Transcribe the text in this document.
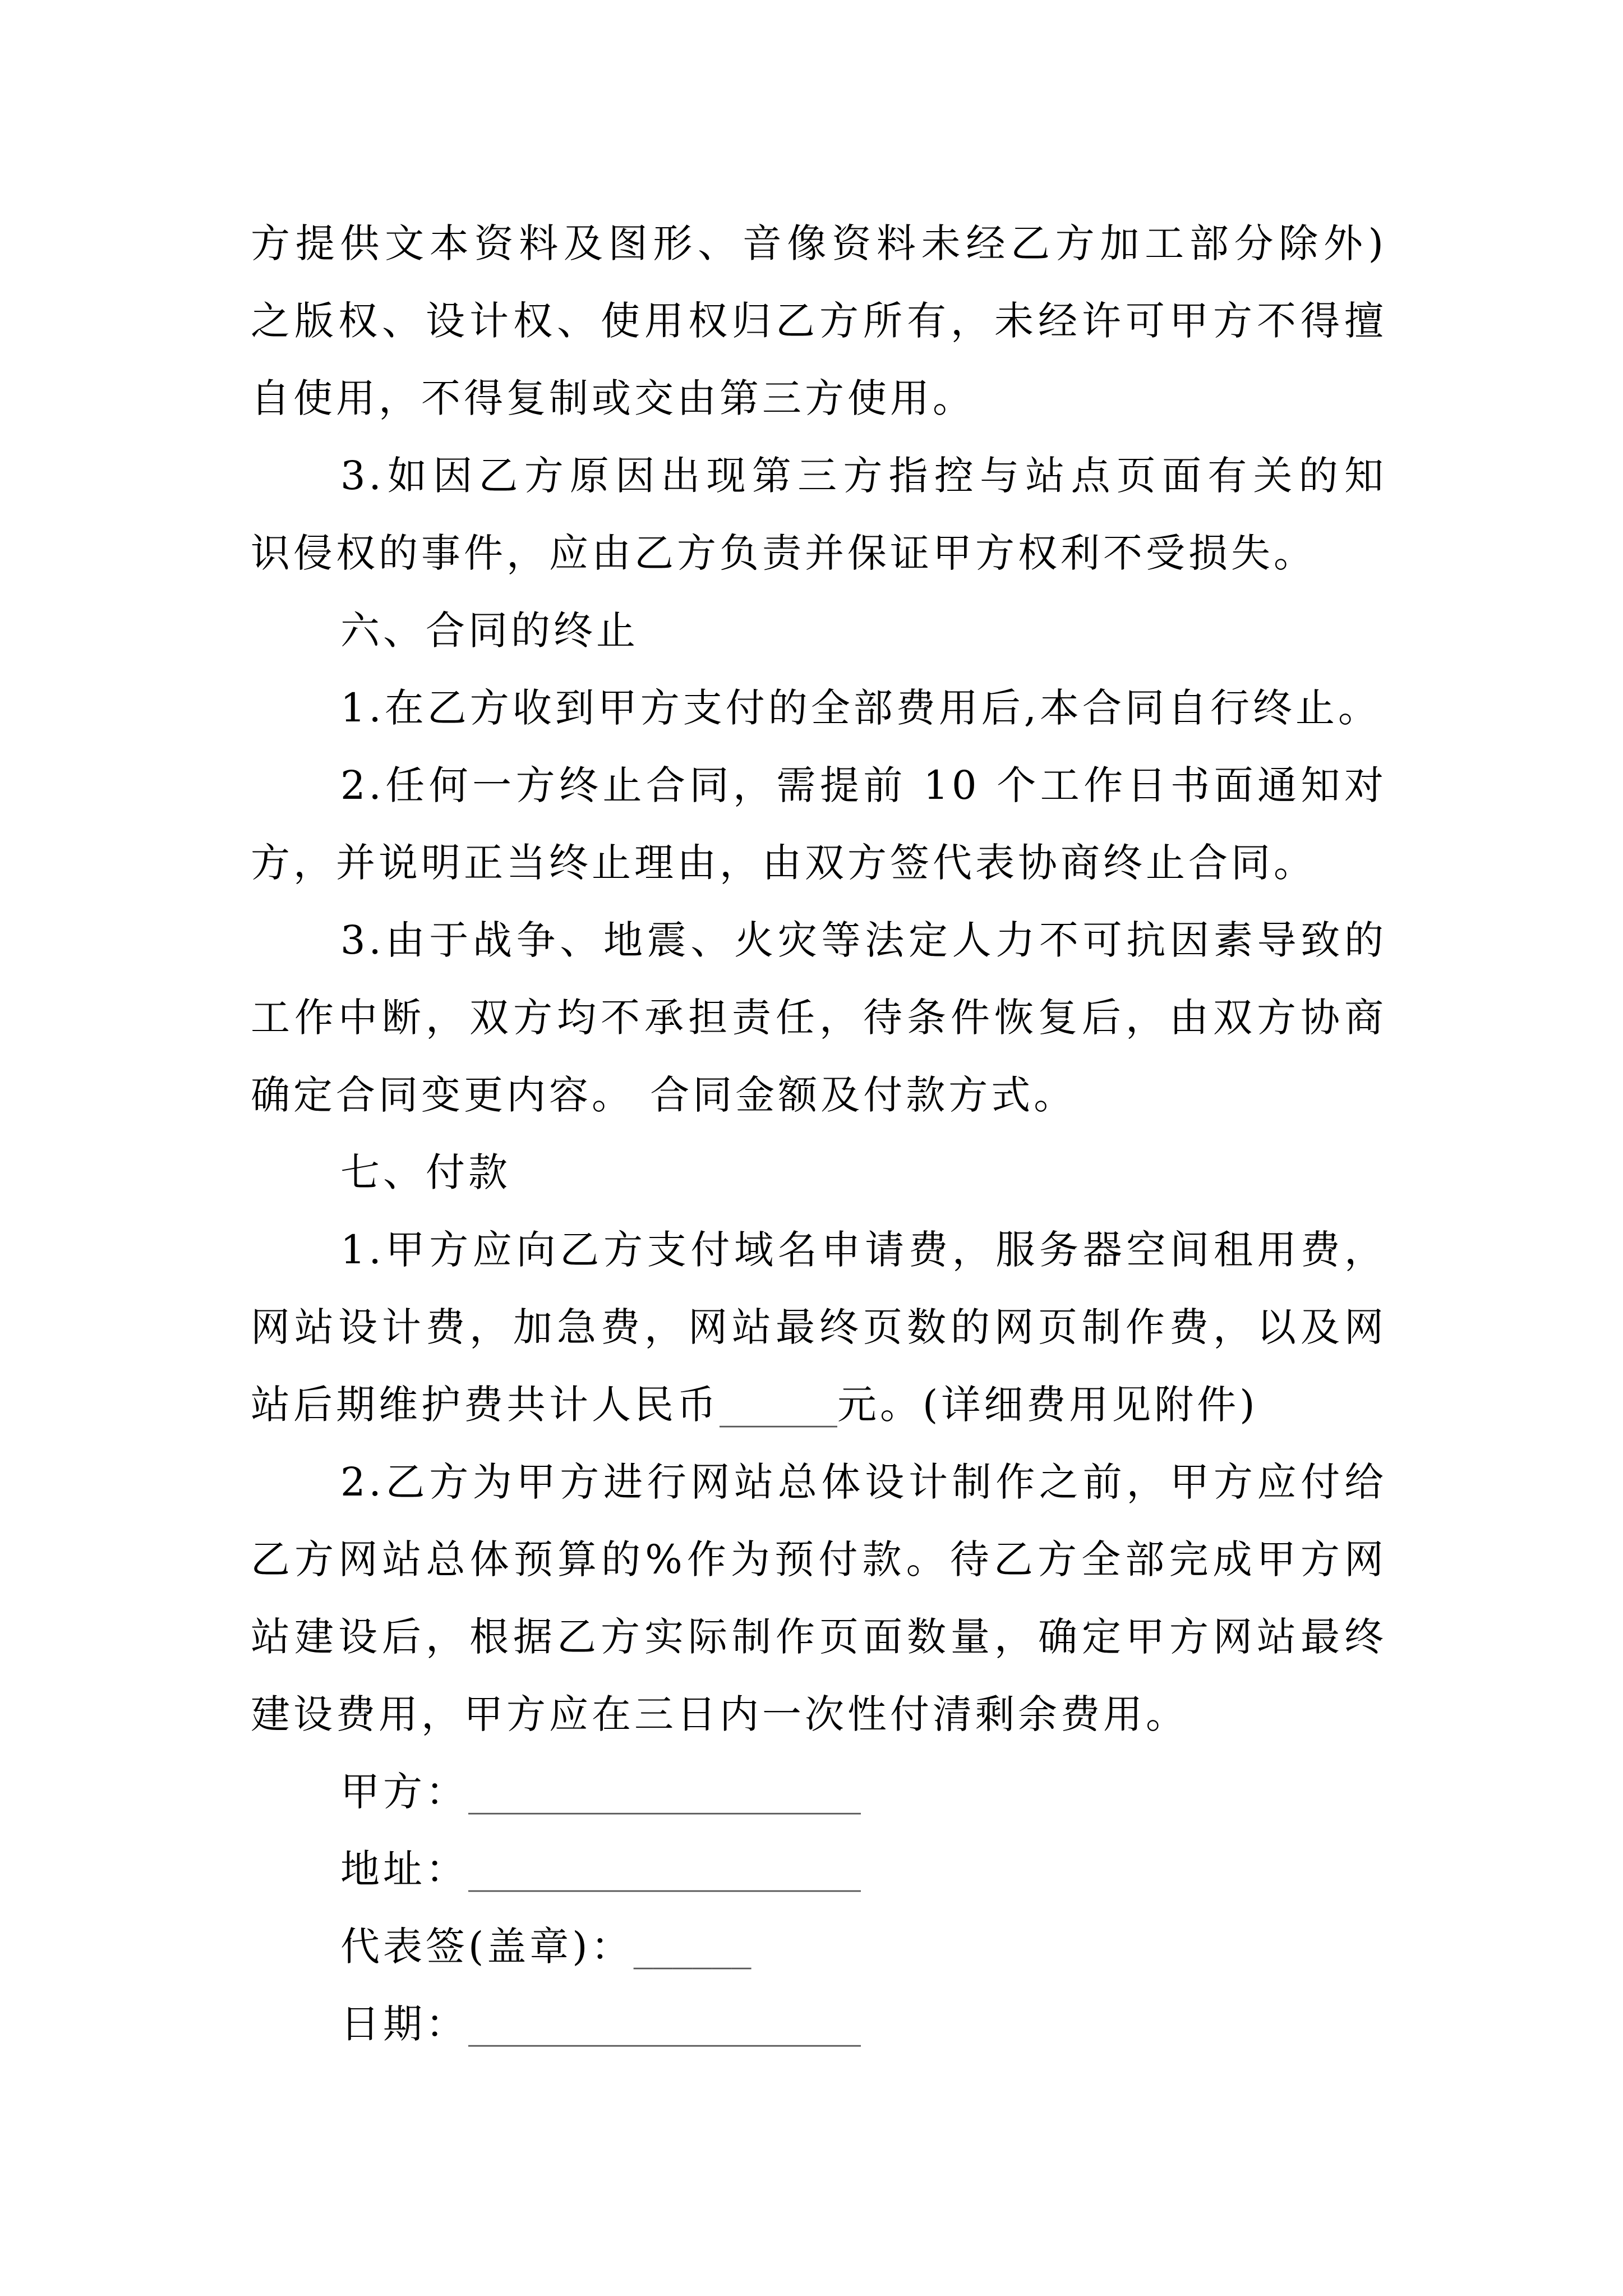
方提供文本资料及图形、音像资料未经乙方加工部分除外)
之版权、设计权、使用权归乙方所有，未经许可甲方不得擅
自使用，不得复制或交由第三方使用。
3.如因乙方原因出现第三方指控与站点页面有关的知
识侵权的事件，应由乙方负责并保证甲方权利不受损失。
六、合同的终止
1.在乙方收到甲方支付的全部费用后,本合同自行终止。
2.任何一方终止合同，需提前 10 个工作日书面通知对
方，并说明正当终止理由，由双方签代表协商终止合同。
3.由于战争、地震、火灾等法定人力不可抗因素导致的
工作中断，双方均不承担责任，待条件恢复后，由双方协商
确定合同变更内容。 合同金额及付款方式。
七、付款
1.甲方应向乙方支付域名申请费，服务器空间租用费，
网站设计费，加急费，网站最终页数的网页制作费，以及网
站后期维护费共计人民币______元。(详细费用见附件)
2.乙方为甲方进行网站总体设计制作之前，甲方应付给
乙方网站总体预算的%作为预付款。待乙方全部完成甲方网
站建设后，根据乙方实际制作页面数量，确定甲方网站最终
建设费用，甲方应在三日内一次性付清剩余费用。
甲方：____________________
地址：____________________
代表签(盖章)：______
日期：____________________
